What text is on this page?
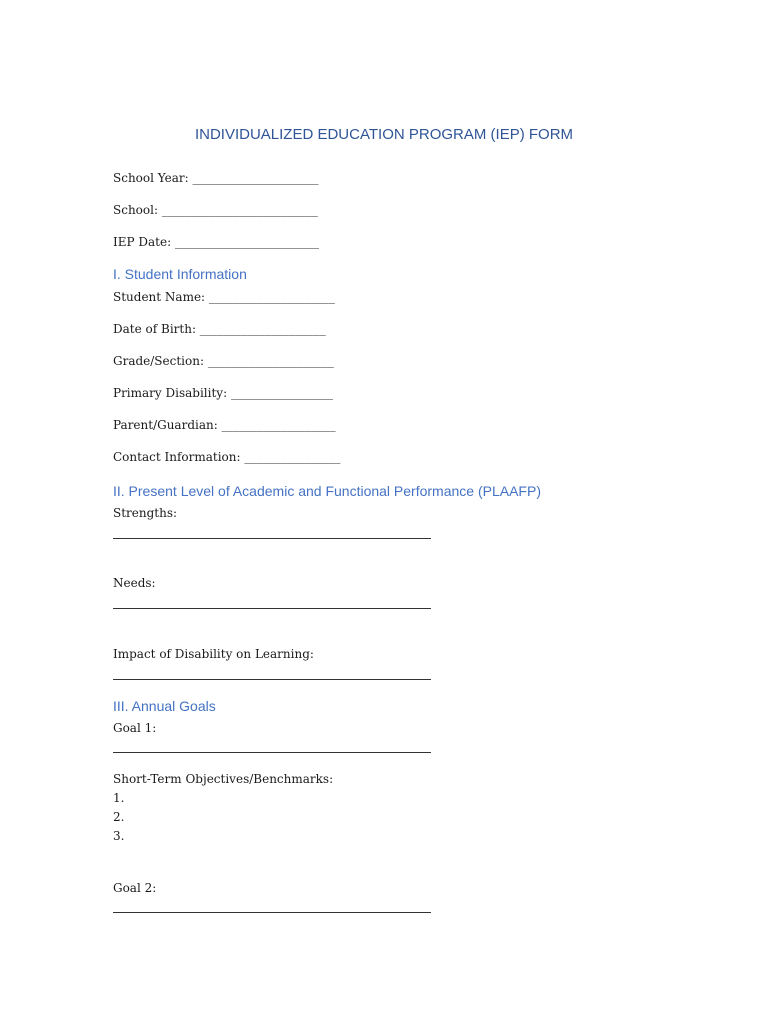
INDIVIDUALIZED EDUCATION PROGRAM (IEP) FORM
School Year: _____________________
School: __________________________
IEP Date: ________________________
I. Student Information
Student Name: _____________________
Date of Birth: _____________________
Grade/Section: _____________________
Primary Disability: _________________
Parent/Guardian: ___________________
Contact Information: ________________
II. Present Level of Academic and Functional Performance (PLAAFP)
Strengths:
Needs:
Impact of Disability on Learning:
III. Annual Goals
Goal 1:
Short-Term Objectives/Benchmarks:
1.
2.
3.
Goal 2:
